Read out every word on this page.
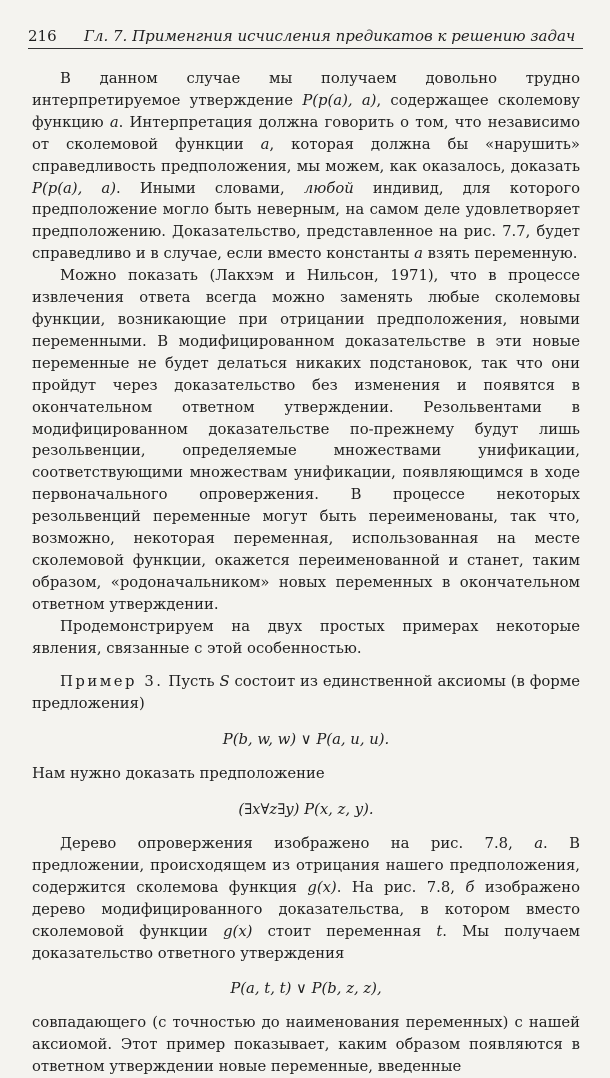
216 Гл. 7. Применгния исчисления предикатов к решению задач

В данном случае мы получаем довольно трудно интерпретируемое утверждение P(p(a), a), содержащее сколемову функцию a. Интерпретация должна говорить о том, что независимо от сколемовой функции a, которая должна бы «нарушить» справедливость предположения, мы можем, как оказалось, доказать P(p(a), a). Иными словами, любой индивид, для которого предположение могло быть неверным, на самом деле удовлетворяет предположению. Доказательство, представленное на рис. 7.7, будет справедливо и в случае, если вместо константы a взять переменную.

Можно показать (Лакхэм и Нильсон, 1971), что в процессе извлечения ответа всегда можно заменять любые сколемовы функции, возникающие при отрицании предположения, новыми переменными. В модифицированном доказательстве в эти новые переменные не будет делаться никаких подстановок, так что они пройдут через доказательство без изменения и появятся в окончательном ответном утверждении. Резольвентами в модифицированном доказательстве по-прежнему будут лишь резольвенции, определяемые множествами унификации, соответствующими множествам унификации, появляющимся в ходе первоначального опровержения. В процессе некоторых резольвенций переменные могут быть переименованы, так что, возможно, некоторая переменная, использованная на месте сколемовой функции, окажется переименованной и станет, таким образом, «родоначальником» новых переменных в окончательном ответном утверждении.

Продемонстрируем на двух простых примерах некоторые явления, связанные с этой особенностью.

Пример 3. Пусть S состоит из единственной аксиомы (в форме предложения)

P(b, w, w) ∨ P(a, u, u).

Нам нужно доказать предположение

(∃x∀z∃y) P(x, z, y).

Дерево опровержения изображено на рис. 7.8, а. В предложении, происходящем из отрицания нашего предположения, содержится сколемова функция g(x). На рис. 7.8, б изображено дерево модифицированного доказательства, в котором вместо сколемовой функции g(x) стоит переменная t. Мы получаем доказательство ответного утверждения

P(a, t, t) ∨ P(b, z, z),

совпадающего (с точностью до наименования переменных) с нашей аксиомой. Этот пример показывает, каким образом появляются в ответном утверждении новые переменные, введенные
